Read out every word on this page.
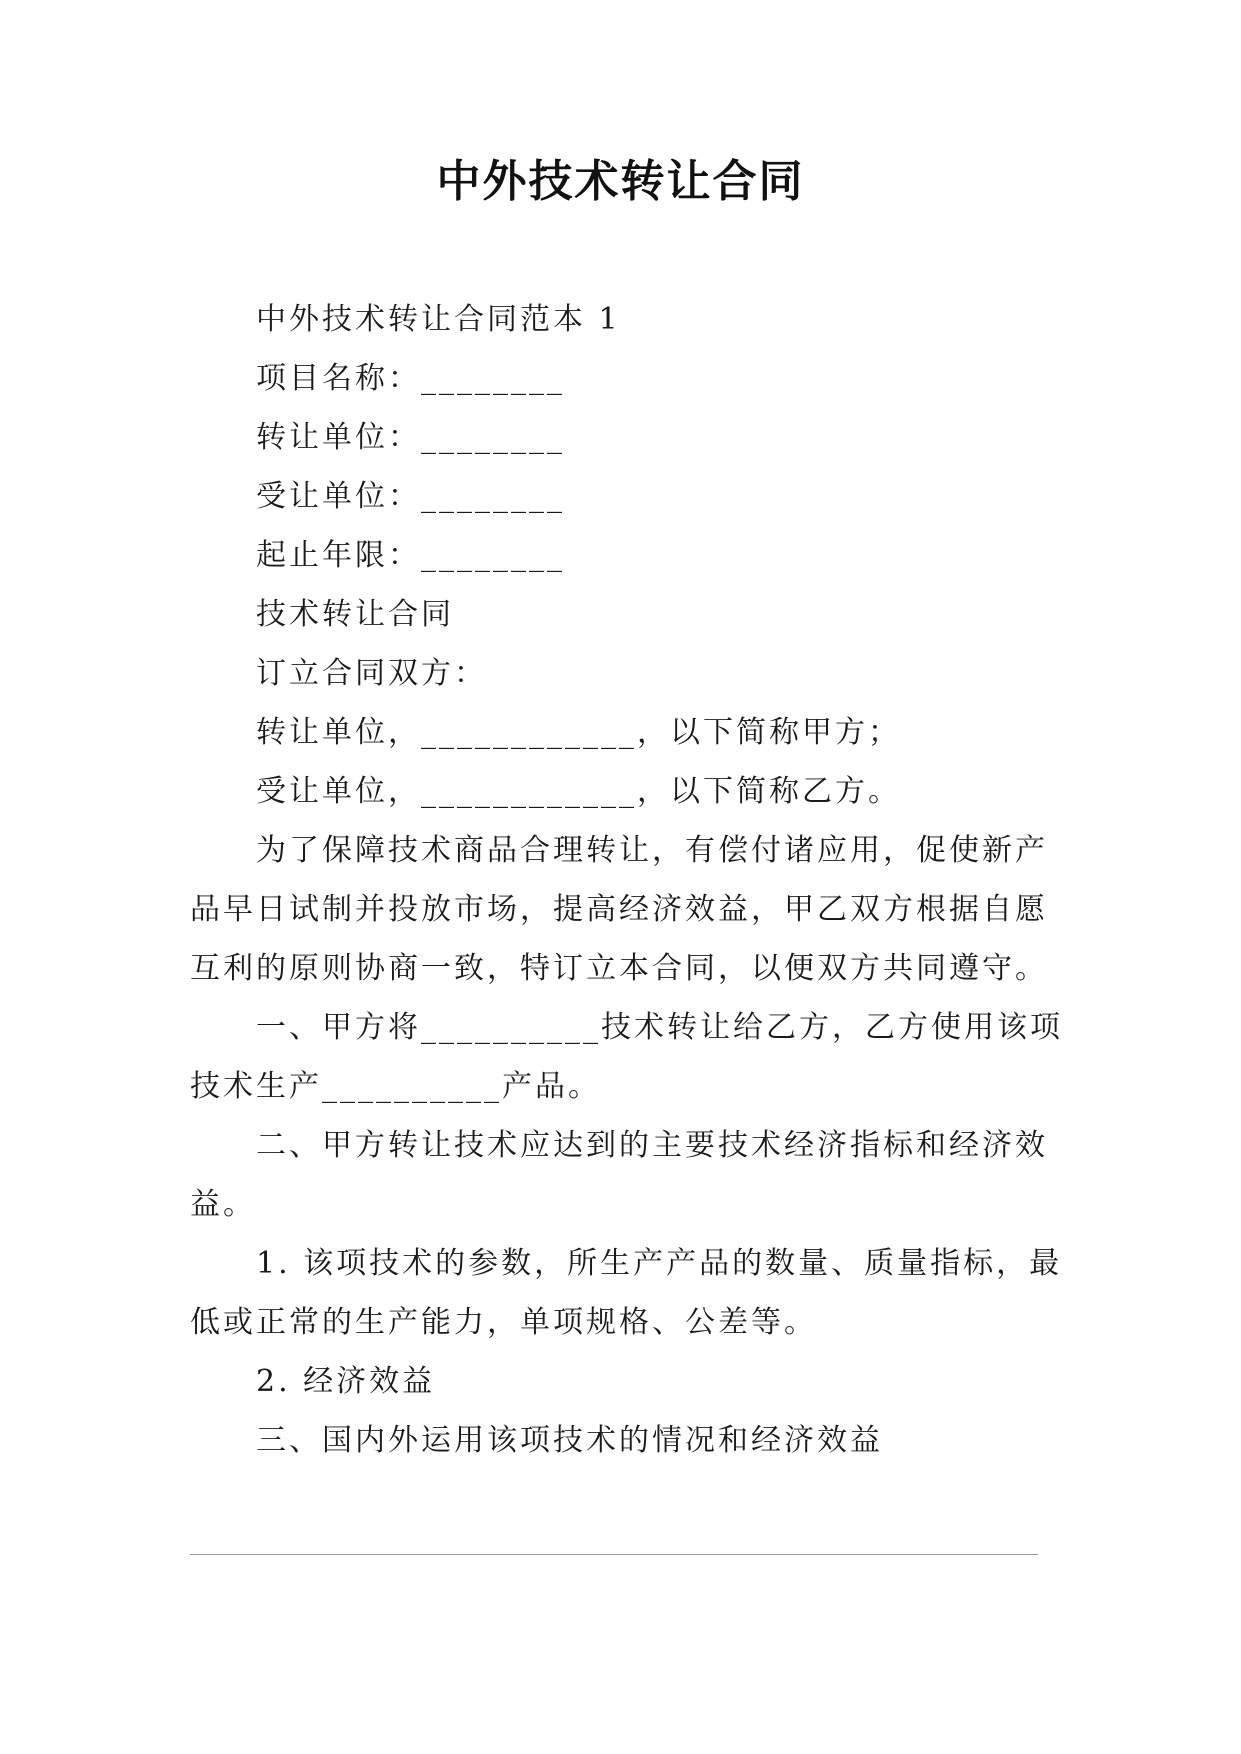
中外技术转让合同
中外技术转让合同范本 1
项目名称：________
转让单位：________
受让单位：________
起止年限：________
技术转让合同
订立合同双方：
转让单位，____________，以下简称甲方；
受让单位，____________，以下简称乙方。
为了保障技术商品合理转让，有偿付诸应用，促使新产
品早日试制并投放市场，提高经济效益，甲乙双方根据自愿
互利的原则协商一致，特订立本合同，以便双方共同遵守。
一、甲方将__________技术转让给乙方，乙方使用该项
技术生产__________产品。
二、甲方转让技术应达到的主要技术经济指标和经济效
益。
1. 该项技术的参数，所生产产品的数量、质量指标，最
低或正常的生产能力，单项规格、公差等。
2. 经济效益
三、国内外运用该项技术的情况和经济效益
